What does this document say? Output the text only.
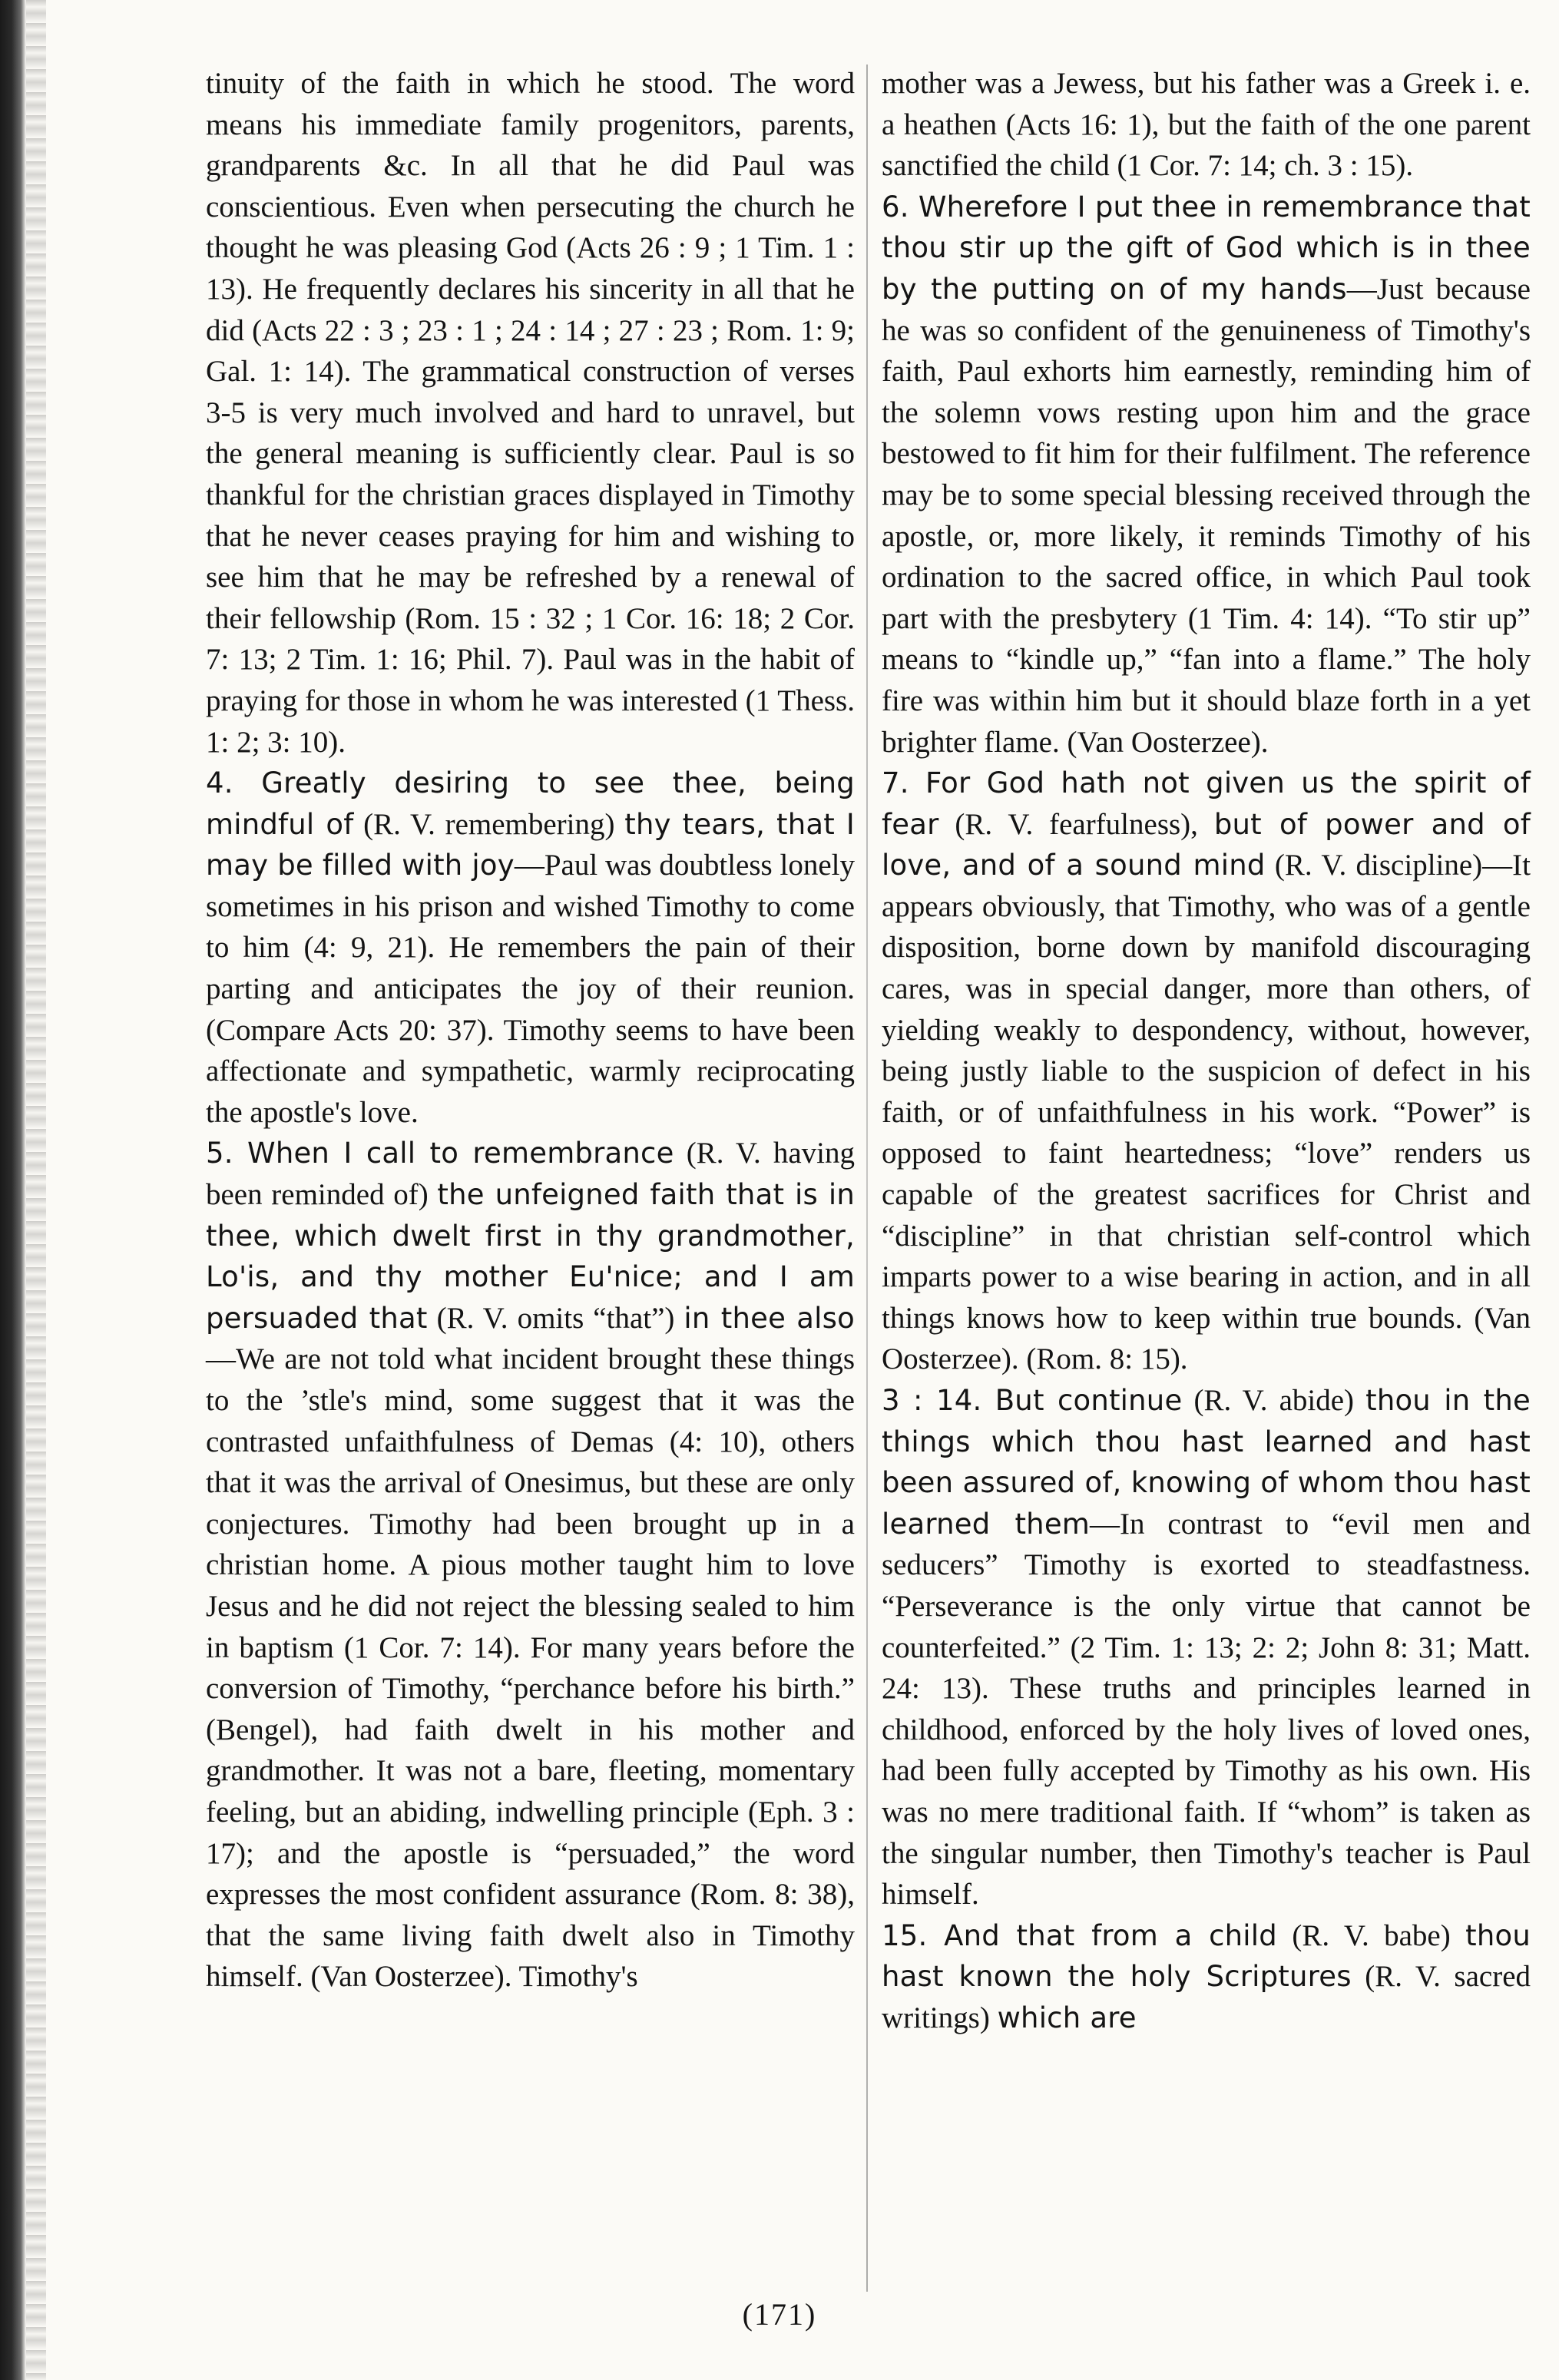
tinuity of the faith in which he stood. The word means his immediate family progenitors, parents, grandparents &c. In all that he did Paul was conscientious. Even when persecuting the church he thought he was pleasing God (Acts 26 : 9 ; 1 Tim. 1 : 13). He frequently declares his sincerity in all that he did (Acts 22 : 3 ; 23 : 1 ; 24 : 14 ; 27 : 23 ; Rom. 1: 9; Gal. 1: 14). The grammatical construction of verses 3-5 is very much involved and hard to unravel, but the general meaning is sufficiently clear. Paul is so thankful for the christian graces displayed in Timothy that he never ceases praying for him and wishing to see him that he may be refreshed by a renewal of their fellowship (Rom. 15 : 32 ; 1 Cor. 16: 18; 2 Cor. 7: 13; 2 Tim. 1: 16; Phil. 7). Paul was in the habit of praying for those in whom he was interested (1 Thess. 1: 2; 3: 10).

4. Greatly desiring to see thee, being mindful of (R. V. remembering) thy tears, that I may be filled with joy—Paul was doubtless lonely sometimes in his prison and wished Timothy to come to him (4: 9, 21). He remembers the pain of their parting and anticipates the joy of their reunion. (Compare Acts 20: 37). Timothy seems to have been affectionate and sympathetic, warmly reciprocating the apostle's love.

5. When I call to remembrance (R. V. having been reminded of) the unfeigned faith that is in thee, which dwelt first in thy grandmother, Lo'is, and thy mother Eu'nice; and I am persuaded that (R. V. omits “that”) in thee also—We are not told what incident brought these things to the ’stle's mind, some suggest that it was the contrasted unfaithfulness of Demas (4: 10), others that it was the arrival of Onesimus, but these are only conjectures. Timothy had been brought up in a christian home. A pious mother taught him to love Jesus and he did not reject the blessing sealed to him in baptism (1 Cor. 7: 14). For many years before the conversion of Timothy, “perchance before his birth.” (Bengel), had faith dwelt in his mother and grandmother. It was not a bare, fleeting, momentary feeling, but an abiding, indwelling principle (Eph. 3 : 17); and the apostle is “persuaded,” the word expresses the most confident assurance (Rom. 8: 38), that the same living faith dwelt also in Timothy himself. (Van Oosterzee). Timothy's

mother was a Jewess, but his father was a Greek i. e. a heathen (Acts 16: 1), but the faith of the one parent sanctified the child (1 Cor. 7: 14; ch. 3 : 15).

6. Wherefore I put thee in remembrance that thou stir up the gift of God which is in thee by the putting on of my hands—Just because he was so confident of the genuineness of Timothy's faith, Paul exhorts him earnestly, reminding him of the solemn vows resting upon him and the grace bestowed to fit him for their fulfilment. The reference may be to some special blessing received through the apostle, or, more likely, it reminds Timothy of his ordination to the sacred office, in which Paul took part with the presbytery (1 Tim. 4: 14). “To stir up” means to “kindle up,” “fan into a flame.” The holy fire was within him but it should blaze forth in a yet brighter flame. (Van Oosterzee).

7. For God hath not given us the spirit of fear (R. V. fearfulness), but of power and of love, and of a sound mind (R. V. discipline)—It appears obviously, that Timothy, who was of a gentle disposition, borne down by manifold discouraging cares, was in special danger, more than others, of yielding weakly to despondency, without, however, being justly liable to the suspicion of defect in his faith, or of unfaithfulness in his work. “Power” is opposed to faint heartedness; “love” renders us capable of the greatest sacrifices for Christ and “discipline” in that christian self-control which imparts power to a wise bearing in action, and in all things knows how to keep within true bounds. (Van Oosterzee). (Rom. 8: 15).

3 : 14. But continue (R. V. abide) thou in the things which thou hast learned and hast been assured of, knowing of whom thou hast learned them—In contrast to “evil men and seducers” Timothy is exorted to steadfastness. “Perseverance is the only virtue that cannot be counterfeited.” (2 Tim. 1: 13; 2: 2; John 8: 31; Matt. 24: 13). These truths and principles learned in childhood, enforced by the holy lives of loved ones, had been fully accepted by Timothy as his own. His was no mere traditional faith. If “whom” is taken as the singular number, then Timothy's teacher is Paul himself.

15. And that from a child (R. V. babe) thou hast known the holy Scriptures (R. V. sacred writings) which are

(171)
